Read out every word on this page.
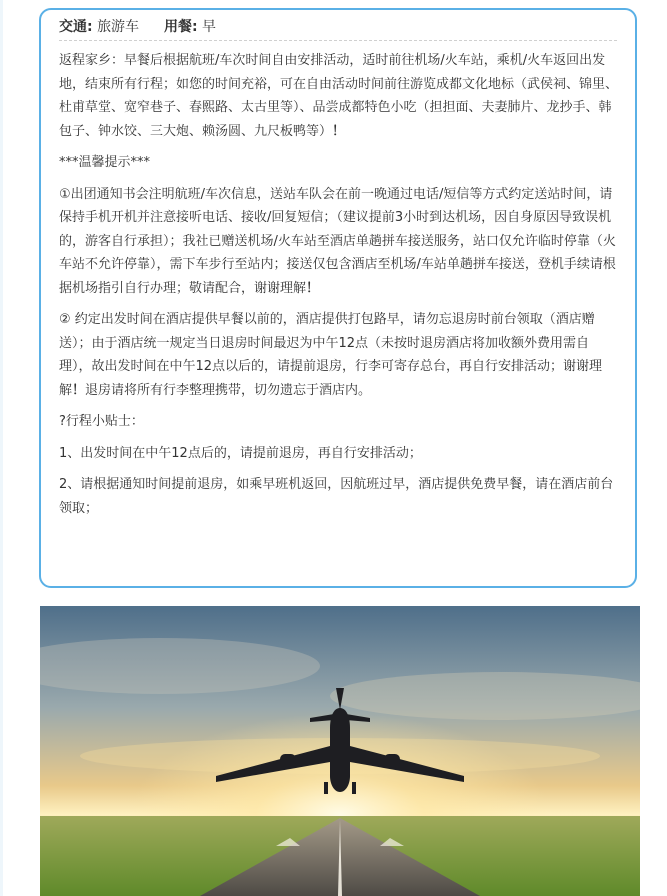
交通: 旅游车 用餐: 早

返程家乡：早餐后根据航班/车次时间自由安排活动，适时前往机场/火车站，乘机/火车返回出发地，结束所有行程；如您的时间充裕，可在自由活动时间前往游览成都文化地标（武侯祠、锦里、杜甫草堂、宽窄巷子、春熙路、太古里等）、品尝成都特色小吃（担担面、夫妻肺片、龙抄手、韩包子、钟水饺、三大炮、赖汤圆、九尺板鸭等）！

***温馨提示***

①出团通知书会注明航班/车次信息，送站车队会在前一晚通过电话/短信等方式约定送站时间，请保持手机开机并注意接听电话、接收/回复短信；（建议提前3小时到达机场，因自身原因导致误机的，游客自行承担）；我社已赠送机场/火车站至酒店单趟拼车接送服务，站口仅允许临时停靠（火车站不允许停靠），需下车步行至站内；接送仅包含酒店至机场/车站单趟拼车接送，登机手续请根据机场指引自行办理；敬请配合，谢谢理解！

② 约定出发时间在酒店提供早餐以前的，酒店提供打包路早，请勿忘退房时前台领取（酒店赠送）；由于酒店统一规定当日退房时间最迟为中午12点（未按时退房酒店将加收额外费用需自理），故出发时间在中午12点以后的，请提前退房，行李可寄存总台，再自行安排活动；谢谢理解！退房请将所有行李整理携带，切勿遗忘于酒店内。

?行程小贴士：

1、出发时间在中午12点后的，请提前退房，再自行安排活动；

2、请根据通知时间提前退房，如乘早班机返回，因航班过早，酒店提供免费早餐，请在酒店前台领取；
